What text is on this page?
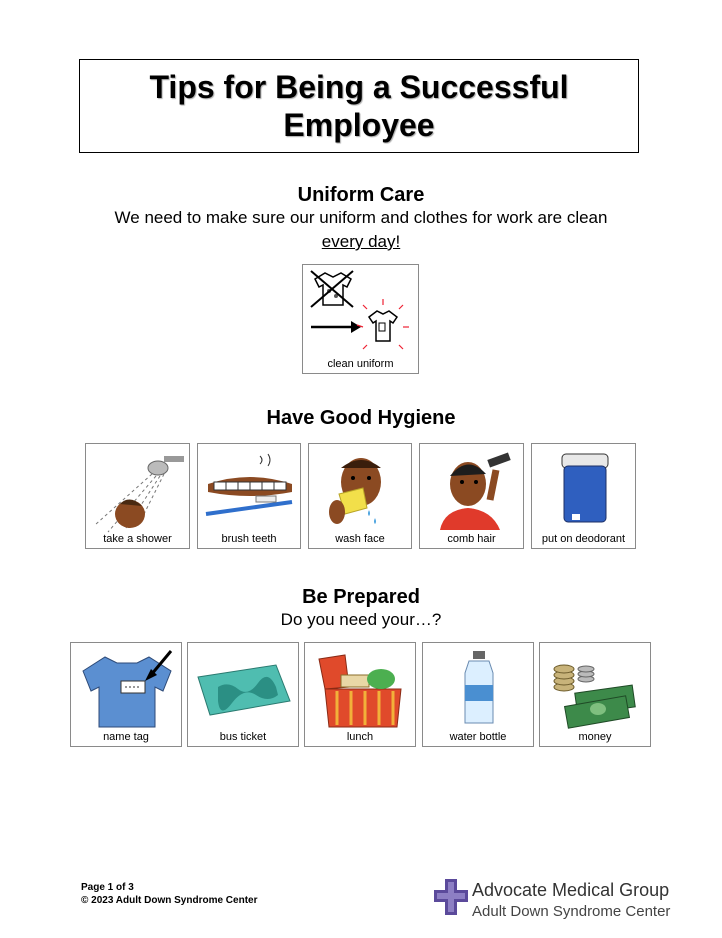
Tips for Being a Successful Employee
Uniform Care

We need to make sure our uniform and clothes for work are clean

every day!

clean uniform
Have Good Hygiene
take a shower	brush teeth	wash face	comb hair	put on deodorant
Be Prepared

Do you need your…?

name tag	bus ticket	lunch	water bottle	money
Page 1 of 3
© 2023 Adult Down Syndrome Center
Advocate Medical Group
Adult Down Syndrome Center
